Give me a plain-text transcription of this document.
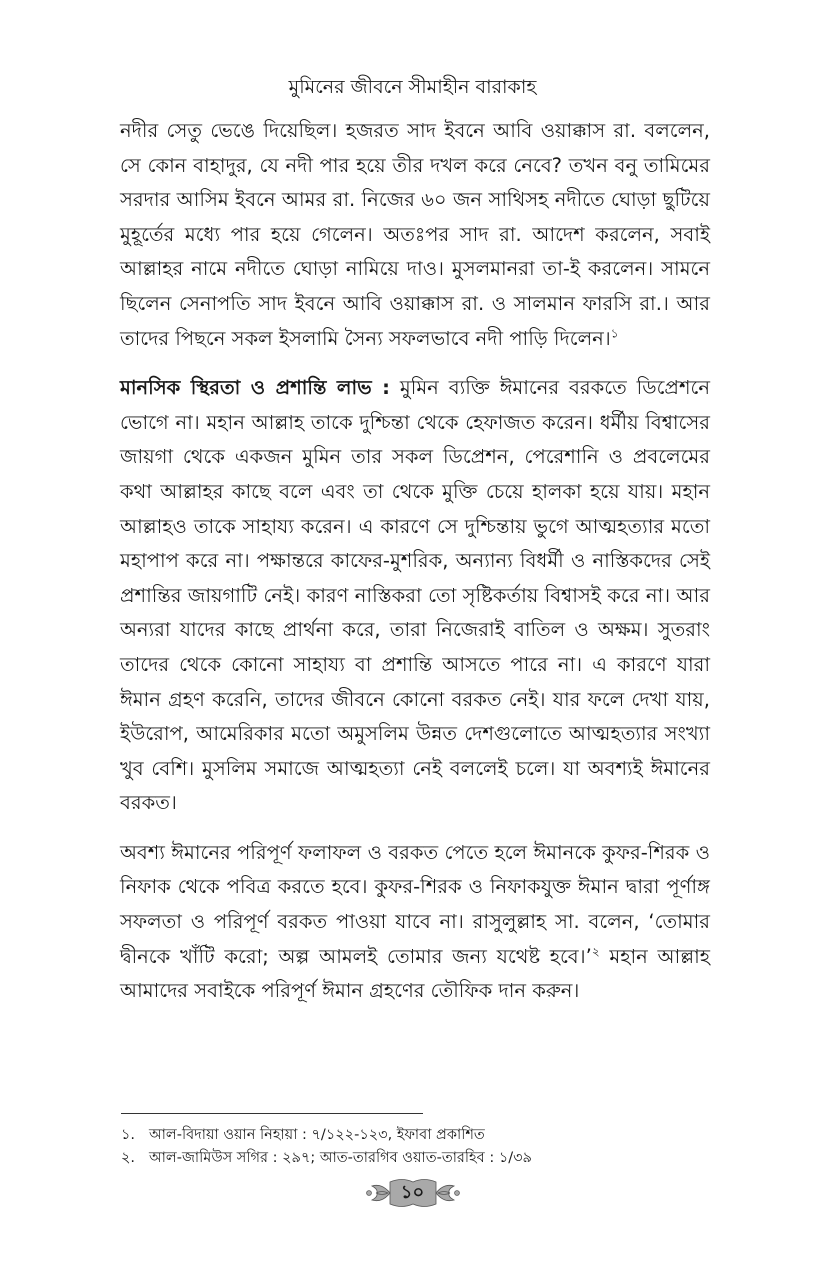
মুমিনের জীবনে সীমাহীন বারাকাহ

নদীর সেতু ভেঙে দিয়েছিল। হজরত সাদ ইবনে আবি ওয়াক্কাস রা. বললেন, সে কোন বাহাদুর, যে নদী পার হয়ে তীর দখল করে নেবে? তখন বনু তামিমের সরদার আসিম ইবনে আমর রা. নিজের ৬০ জন সাথিসহ নদীতে ঘোড়া ছুটিয়ে মুহূর্তের মধ্যে পার হয়ে গেলেন। অতঃপর সাদ রা. আদেশ করলেন, সবাই আল্লাহর নামে নদীতে ঘোড়া নামিয়ে দাও। মুসলমানরা তা-ই করলেন। সামনে ছিলেন সেনাপতি সাদ ইবনে আবি ওয়াক্কাস রা. ও সালমান ফারসি রা.। আর তাদের পিছনে সকল ইসলামি সৈন্য সফলভাবে নদী পাড়ি দিলেন।$^১$

মানসিক স্থিরতা ও প্রশান্তি লাভ : মুমিন ব্যক্তি ঈমানের বরকতে ডিপ্রেশনে ভোগে না। মহান আল্লাহ তাকে দুশ্চিন্তা থেকে হেফাজত করেন। ধর্মীয় বিশ্বাসের জায়গা থেকে একজন মুমিন তার সকল ডিপ্রেশন, পেরেশানি ও প্রবলেমের কথা আল্লাহর কাছে বলে এবং তা থেকে মুক্তি চেয়ে হালকা হয়ে যায়। মহান আল্লাহও তাকে সাহায্য করেন। এ কারণে সে দুশ্চিন্তায় ভুগে আত্মহত্যার মতো মহাপাপ করে না। পক্ষান্তরে কাফের-মুশরিক, অন্যান্য বিধর্মী ও নাস্তিকদের সেই প্রশান্তির জায়গাটি নেই। কারণ নাস্তিকরা তো সৃষ্টিকর্তায় বিশ্বাসই করে না। আর অন্যরা যাদের কাছে প্রার্থনা করে, তারা নিজেরাই বাতিল ও অক্ষম। সুতরাং তাদের থেকে কোনো সাহায্য বা প্রশান্তি আসতে পারে না। এ কারণে যারা ঈমান গ্রহণ করেনি, তাদের জীবনে কোনো বরকত নেই। যার ফলে দেখা যায়, ইউরোপ, আমেরিকার মতো অমুসলিম উন্নত দেশগুলোতে আত্মহত্যার সংখ্যা খুব বেশি। মুসলিম সমাজে আত্মহত্যা নেই বললেই চলে। যা অবশ্যই ঈমানের বরকত।

অবশ্য ঈমানের পরিপূর্ণ ফলাফল ও বরকত পেতে হলে ঈমানকে কুফর-শিরক ও নিফাক থেকে পবিত্র করতে হবে। কুফর-শিরক ও নিফাকযুক্ত ঈমান দ্বারা পূর্ণাঙ্গ সফলতা ও পরিপূর্ণ বরকত পাওয়া যাবে না। রাসুলুল্লাহ সা. বলেন, ‘তোমার দ্বীনকে খাঁটি করো; অল্প আমলই তোমার জন্য যথেষ্ট হবে।’$^২$ মহান আল্লাহ আমাদের সবাইকে পরিপূর্ণ ঈমান গ্রহণের তৌফিক দান করুন।

১. আল-বিদায়া ওয়ান নিহায়া : ৭/১২২-১২৩, ইফাবা প্রকাশিত
২. আল-জামিউস সগির : ২৯৭; আত-তারগিব ওয়াত-তারহিব : ১/৩৯
১০
